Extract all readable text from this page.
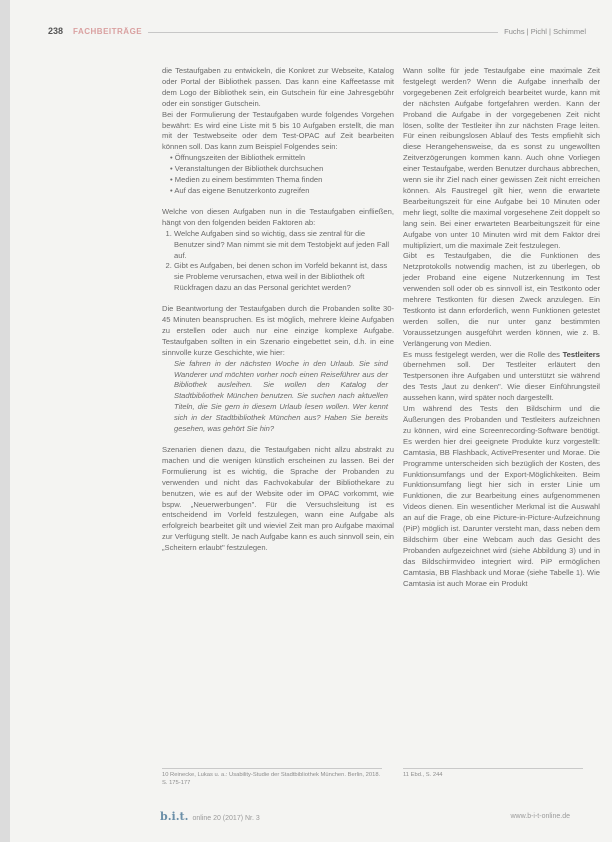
238 FACHBEITRÄGE	Fuchs | Pichl | Schimmel

die Testaufgaben zu entwickeln, die Konkret zur Webseite, Katalog oder Portal der Bibliothek passen. Das kann eine Kaffeetasse mit dem Logo der Bibliothek sein, ein Gutschein für eine Jahresgebühr oder ein sonstiger Gutschein.

Bei der Formulierung der Testaufgaben wurde folgendes Vorgehen bewährt: Es wird eine Liste mit 5 bis 10 Aufgaben erstellt, die man mit der Testwebseite oder dem Test-OPAC auf Zeit bearbeiten können soll. Das kann zum Beispiel Folgendes sein:

• Öffnungszeiten der Bibliothek ermitteln
• Veranstaltungen der Bibliothek durchsuchen
• Medien zu einem bestimmten Thema finden
• Auf das eigene Benutzerkonto zugreifen

Welche von diesen Aufgaben nun in die Testaufgaben einfließen, hängt von den folgenden beiden Faktoren ab:

1. Welche Aufgaben sind so wichtig, dass sie zentral für die Benutzer sind? Man nimmt sie mit dem Testobjekt auf jeden Fall auf.
2. Gibt es Aufgaben, bei denen schon im Vorfeld bekannt ist, dass sie Probleme verursachen, etwa weil in der Bibliothek oft Rückfragen dazu an das Personal gerichtet werden?

Die Beantwortung der Testaufgaben durch die Probanden sollte 30-45 Minuten beanspruchen. Es ist möglich, mehrere kleine Aufgaben zu erstellen oder auch nur eine einzige komplexe Aufgabe. Testaufgaben sollten in ein Szenario eingebettet sein, d.h. in eine sinnvolle kurze Geschichte, wie hier:

Sie fahren in der nächsten Woche in den Urlaub. Sie sind Wanderer und möchten vorher noch einen Reiseführer aus der Bibliothek ausleihen. Sie wollen den Katalog der Stadtbibliothek München benutzen. Sie suchen nach aktuellen Titeln, die Sie gern in diesem Urlaub lesen wollen. Wer kennt sich in der Stadtbibliothek München aus? Haben Sie bereits gesehen, was gehört Sie hin?

Szenarien dienen dazu, die Testaufgaben nicht allzu abstrakt zu machen und die wenigen künstlich erscheinen zu lassen. Bei der Formulierung ist es wichtig, die Sprache der Probanden zu verwenden und nicht das Fachvokabular der Bibliothekare zu benutzen, wie es auf der Website oder im OPAC vorkommt, wie bspw. „Neuerwerbungen". Für die Versuchsleitung ist es entscheidend im Vorfeld festzulegen, wann eine Aufgabe als erfolgreich bearbeitet gilt und wieviel Zeit man pro Aufgabe maximal zur Verfügung stellt. Je nach Aufgabe kann es auch sinnvoll sein, ein „Scheitern erlaubt" festzulegen.

Wann sollte für jede Testaufgabe eine maximale Zeit festgelegt werden? Wenn die Aufgabe innerhalb der vorgegebenen Zeit erfolgreich bearbeitet wurde, kann mit der nächsten Aufgabe fortgefahren werden. Kann der Proband die Aufgabe in der vorgegebenen Zeit nicht lösen, sollte der Testleiter ihn zur nächsten Frage leiten. Für einen reibungslosen Ablauf des Tests empfiehlt sich diese Herangehensweise, da es sonst zu ungewollten Zeitverzögerungen kommen kann. Auch ohne Vorliegen einer Testaufgabe, werden Benutzer durchaus abbrechen, wenn sie ihr Ziel nach einer gewissen Zeit nicht erreichen können. Als Faustregel gilt hier, wenn die erwartete Bearbeitungszeit für eine Aufgabe bei 10 Minuten oder mehr liegt, sollte die maximal vorgesehene Zeit doppelt so lang sein. Bei einer erwarteten Bearbeitungszeit für eine Aufgabe von unter 10 Minuten wird mit dem Faktor drei multipliziert, um die maximale Zeit festzulegen.

Gibt es Testaufgaben, die die Funktionen des Netzprotokolls notwendig machen, ist zu überlegen, ob jeder Proband eine eigene Nutzerkennung im Test verwenden soll oder ob es sinnvoll ist, ein Testkonto oder mehrere Testkonten für diesen Zweck anzulegen. Ein Testkonto ist dann erforderlich, wenn Funktionen getestet werden sollen, die nur unter ganz bestimmten Voraussetzungen ausgeführt werden können, wie z. B. Verlängerung von Medien.

Es muss festgelegt werden, wer die Rolle des Testleiters übernehmen soll. Der Testleiter erläutert den Testpersonen ihre Aufgaben und unterstützt sie während des Tests „laut zu denken". Wie dieser Einführungsteil aussehen kann, wird später noch dargestellt.

Um während des Tests den Bildschirm und die Äußerungen des Probanden und Testleiters aufzeichnen zu können, wird eine Screenrecording-Software benötigt. Es werden hier drei geeignete Produkte kurz vorgestellt: Camtasia, BB Flashback, ActivePresenter und Morae. Die Programme unterscheiden sich bezüglich der Kosten, des Funktionsumfangs und der Export-Möglichkeiten. Beim Funktionsumfang liegt hier sich in erster Linie um Funktionen, die zur Bearbeitung eines aufgenommenen Videos dienen. Ein wesentlicher Merkmal ist die Auswahl an auf die Frage, ob eine Picture-in-Picture-Aufzeichnung (PiP) möglich ist. Darunter versteht man, dass neben dem Bildschirm über eine Webcam auch das Gesicht des Probanden aufgezeichnet wird (siehe Abbildung 3) und in das Bildschirmvideo integriert wird. PiP ermöglichen Camtasia, BB Flashback und Morae (siehe Tabelle 1). Wie Camtasia ist auch Morae ein Produkt

10 Reinecke, Lukas u. a.: Usability-Studie der Stadtbibliothek München. Berlin, 2018. S. 175-177
11 Ebd., S. 244
b.i.t. online 20 (2017) Nr. 3	www.b-i-t-online.de
